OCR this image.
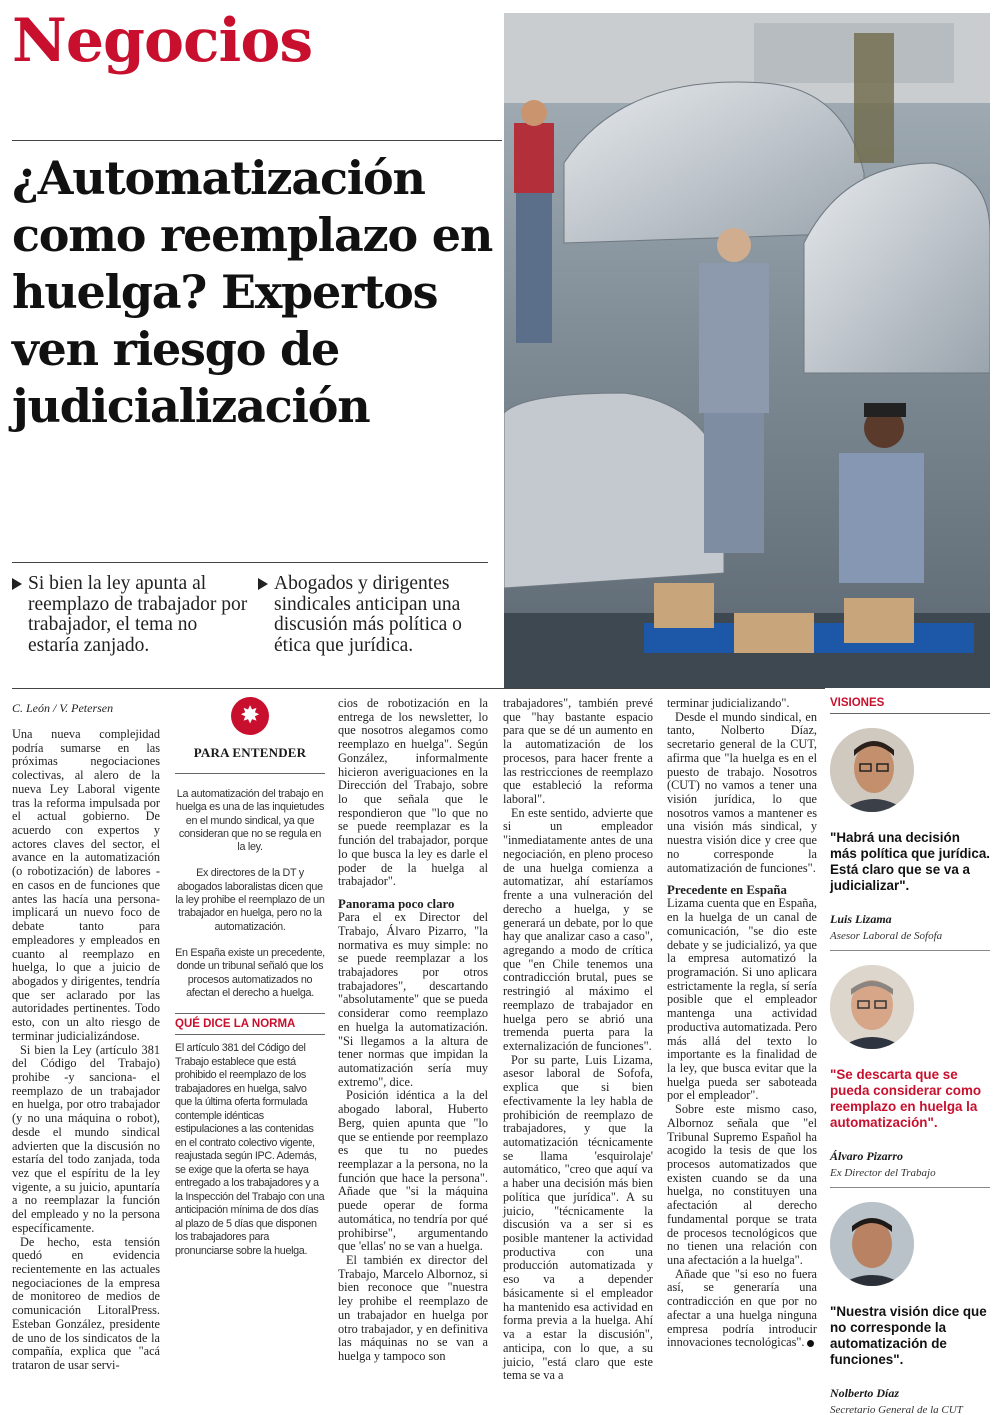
Negocios
¿Automatización como reemplazo en huelga? Expertos ven riesgo de judicialización
Si bien la ley apunta al reemplazo de trabajador por trabajador, el tema no estaría zanjado.
Abogados y dirigentes sindicales anticipan una discusión más política o ética que jurídica.
C. León / V. Petersen

Una nueva complejidad podría sumarse en las próximas negociaciones colectivas, al alero de la nueva Ley Laboral vigente tras la reforma impulsada por el actual gobierno. De acuerdo con expertos y actores claves del sector, el avance en la automatización (o robotización) de labores -en casos en de funciones que antes las hacía una persona- implicará un nuevo foco de debate tanto para empleadores y empleados en cuanto al reemplazo en huelga, lo que a juicio de abogados y dirigentes, tendría que ser aclarado por las autoridades pertinentes. Todo esto, con un alto riesgo de terminar judicializándose.

Si bien la Ley (artículo 381 del Código del Trabajo) prohibe -y sanciona- el reemplazo de un trabajador en huelga, por otro trabajador (y no una máquina o robot), desde el mundo sindical advierten que la discusión no estaría del todo zanjada, toda vez que el espíritu de la ley vigente, a su juicio, apuntaría a no reemplazar la función del empleado y no la persona específicamente.

De hecho, esta tensión quedó en evidencia recientemente en las actuales negociaciones de la empresa de monitoreo de medios de comunicación LitoralPress. Esteban González, presidente de uno de los sindicatos de la compañía, explica que "acá trataron de usar servi-

✸
PARA ENTENDER
La automatización del trabajo en huelga es una de las inquietudes en el mundo sindical, ya que consideran que no se regula en la ley.
Ex directores de la DT y abogados laboralistas dicen que la ley prohibe el reemplazo de un trabajador en huelga, pero no la automatización.
En España existe un precedente, donde un tribunal señaló que los procesos automatizados no afectan el derecho a huelga.
QUÉ DICE LA NORMA
El artículo 381 del Código del Trabajo establece que está prohibido el reemplazo de los trabajadores en huelga, salvo que la última oferta formulada contemple idénticas estipulaciones a las contenidas en el contrato colectivo vigente, reajustada según IPC. Además, se exige que la oferta se haya entregado a los trabajadores y a la Inspección del Trabajo con una anticipación mínima de dos días al plazo de 5 días que disponen los trabajadores para pronunciarse sobre la huelga.

cios de robotización en la entrega de los newsletter, lo que nosotros alegamos como reemplazo en huelga". Según González, informalmente hicieron averiguaciones en la Dirección del Trabajo, sobre lo que señala que le respondieron que "lo que no se puede reemplazar es la función del trabajador, porque lo que busca la ley es darle el poder de la huelga al trabajador".

Panorama poco claro

Para el ex Director del Trabajo, Álvaro Pizarro, "la normativa es muy simple: no se puede reemplazar a los trabajadores por otros trabajadores", descartando "absolutamente" que se pueda considerar como reemplazo en huelga la automatización. "Si llegamos a la altura de tener normas que impidan la automatización sería muy extremo", dice.

Posición idéntica a la del abogado laboral, Huberto Berg, quien apunta que "lo que se entiende por reemplazo es que tu no puedes reemplazar a la persona, no la función que hace la persona". Añade que "si la máquina puede operar de forma automática, no tendría por qué prohibirse", argumentando que 'ellas' no se van a huelga.

El también ex director del Trabajo, Marcelo Albornoz, si bien reconoce que "nuestra ley prohibe el reemplazo de un trabajador en huelga por otro trabajador, y en definitiva las máquinas no se van a huelga y tampoco son

trabajadores", también prevé que "hay bastante espacio para que se dé un aumento en la automatización de los procesos, para hacer frente a las restricciones de reemplazo que estableció la reforma laboral".

En este sentido, advierte que si un empleador "inmediatamente antes de una negociación, en pleno proceso de una huelga comienza a automatizar, ahí estaríamos frente a una vulneración del derecho a huelga, y se generará un debate, por lo que hay que analizar caso a caso", agregando a modo de crítica que "en Chile tenemos una contradicción brutal, pues se restringió al máximo el reemplazo de trabajador en huelga pero se abrió una tremenda puerta para la externalización de funciones".

Por su parte, Luis Lizama, asesor laboral de Sofofa, explica que si bien efectivamente la ley habla de prohibición de reemplazo de trabajadores, y que la automatización técnicamente se llama 'esquirolaje' automático, "creo que aquí va a haber una decisión más bien política que jurídica". A su juicio, "técnicamente la discusión va a ser si es posible mantener la actividad productiva con una producción automatizada y eso va a depender básicamente si el empleador ha mantenido esa actividad en forma previa a la huelga. Ahí va a estar la discusión", anticipa, con lo que, a su juicio, "está claro que este tema se va a

terminar judicializando".

Desde el mundo sindical, en tanto, Nolberto Díaz, secretario general de la CUT, afirma que "la huelga es en el puesto de trabajo. Nosotros (CUT) no vamos a tener una visión jurídica, lo que nosotros vamos a mantener es una visión más sindical, y nuestra visión dice y cree que no corresponde la automatización de funciones".

Precedente en España

Lizama cuenta que en España, en la huelga de un canal de comunicación, "se dio este debate y se judicializó, ya que la empresa automatizó la programación. Si uno aplicara estrictamente la regla, sí sería posible que el empleador mantenga una actividad productiva automatizada. Pero más allá del texto lo importante es la finalidad de la ley, que busca evitar que la huelga pueda ser saboteada por el empleador".

Sobre este mismo caso, Albornoz señala que "el Tribunal Supremo Español ha acogido la tesis de que los procesos automatizados que existen cuando se da una huelga, no constituyen una afectación al derecho fundamental porque se trata de procesos tecnológicos que no tienen una relación con una afectación a la huelga".

Añade que "si eso no fuera así, se generaría una contradicción en que por no afectar a una huelga ninguna empresa podría introducir innovaciones tecnológicas".

VISIONES
"Habrá una decisión más política que jurídica. Está claro que se va a judicializar".
Luis Lizama
Asesor Laboral de Sofofa
"Se descarta que se pueda considerar como reemplazo en huelga la automatización".
Álvaro Pizarro
Ex Director del Trabajo
"Nuestra visión dice que no corresponde la automatización de funciones".
Nolberto Díaz
Secretario General de la CUT
